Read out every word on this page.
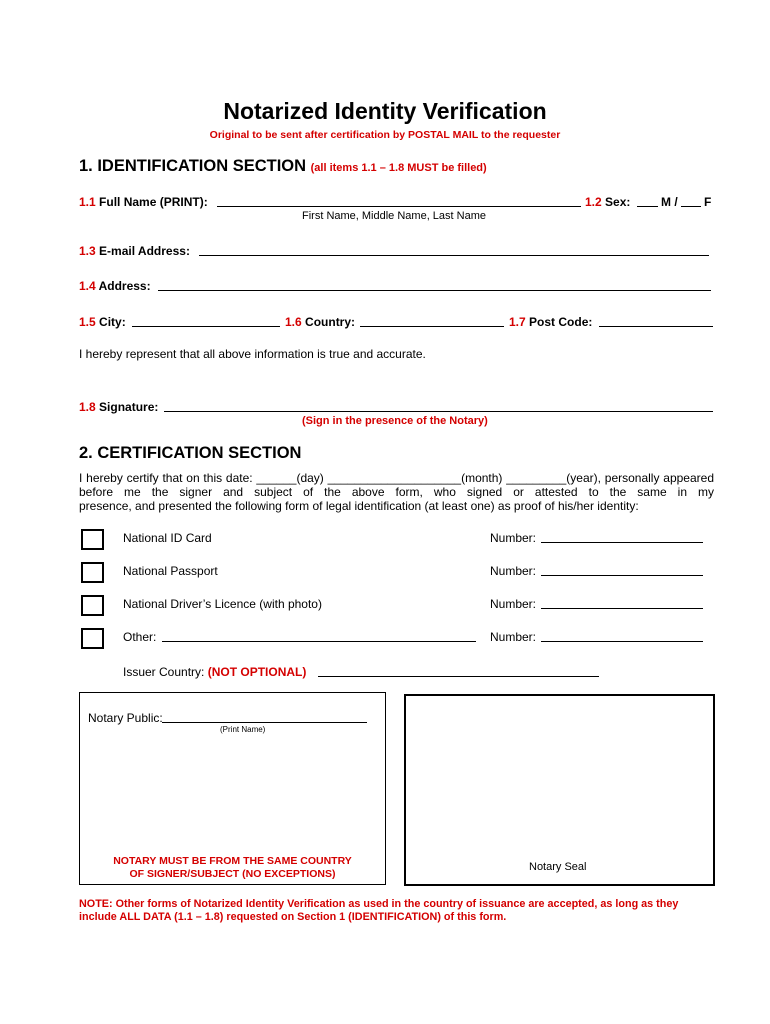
Notarized Identity Verification
Original to be sent after certification by POSTAL MAIL to the requester
1. IDENTIFICATION SECTION (all items 1.1 – 1.8 MUST be filled)
1.1 Full Name (PRINT):
First Name, Middle Name, Last Name
1.2 Sex:	M / F
1.3 E-mail Address:
1.4 Address:
1.5 City:	1.6 Country:	1.7 Post Code:
I hereby represent that all above information is true and accurate.
1.8 Signature:
(Sign in the presence of the Notary)
2. CERTIFICATION SECTION
I hereby certify that on this date: ______(day) ____________________(month) _________(year), personally appeared before me the signer and subject of the above form, who signed or attested to the same in my
presence, and presented the following form of legal identification (at least one) as proof of his/her identity:
National ID Card	Number:
National Passport	Number:
National Driver’s Licence (with photo)	Number:
Other:	Number:
Issuer Country: (NOT OPTIONAL)
Notary Public:
(Print Name)
NOTARY MUST BE FROM THE SAME COUNTRY
OF SIGNER/SUBJECT (NO EXCEPTIONS)
Notary Seal
NOTE: Other forms of Notarized Identity Verification as used in the country of issuance are accepted, as long as they include ALL DATA (1.1 – 1.8) requested on Section 1 (IDENTIFICATION) of this form.
